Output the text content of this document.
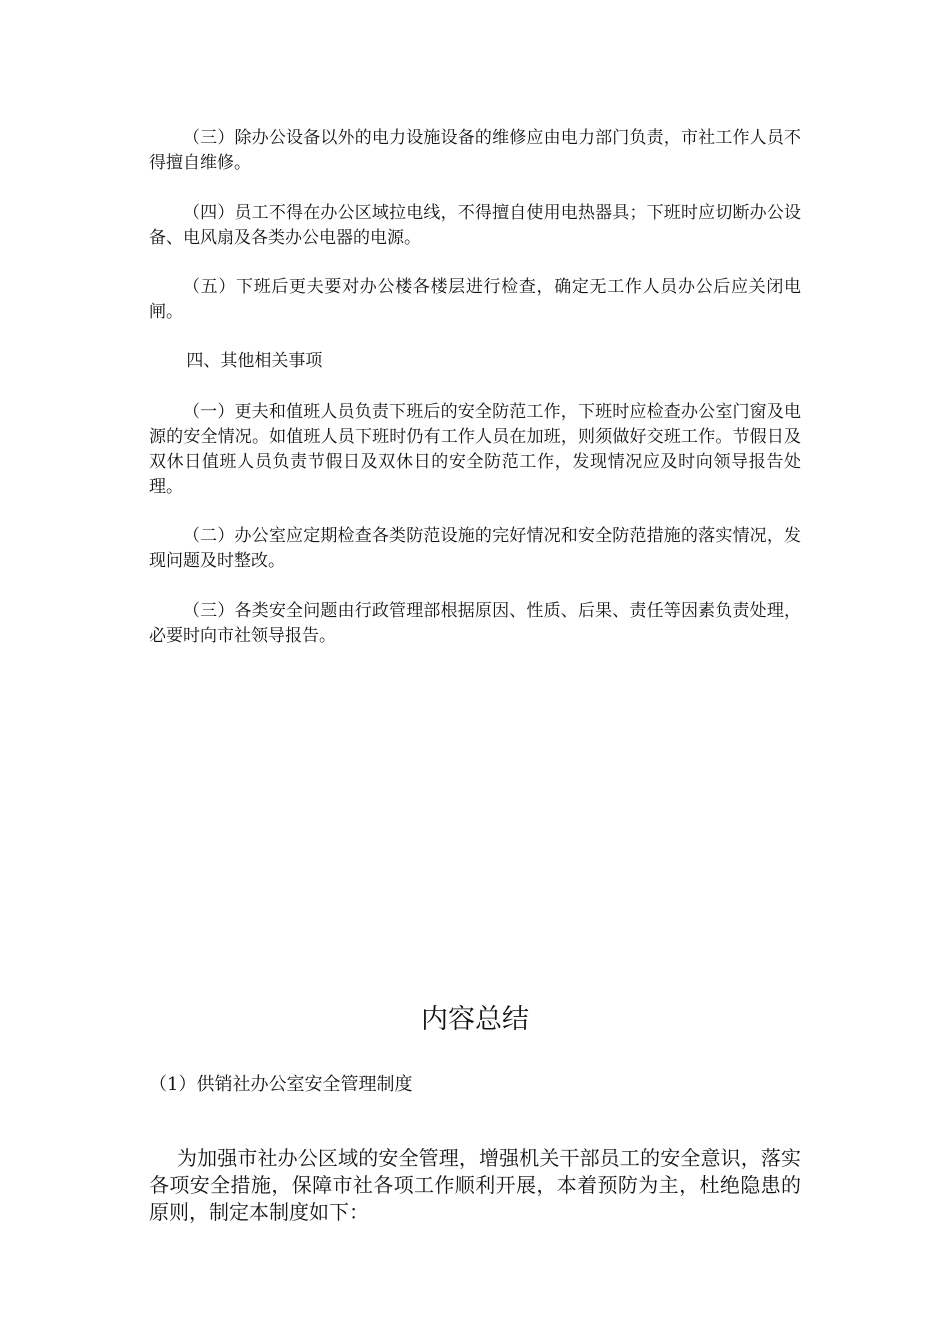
（三）除办公设备以外的电力设施设备的维修应由电力部门负责，市社工作人员不得擅自维修。

（四）员工不得在办公区域拉电线，不得擅自使用电热器具；下班时应切断办公设备、电风扇及各类办公电器的电源。

（五）下班后更夫要对办公楼各楼层进行检查，确定无工作人员办公后应关闭电闸。

四、其他相关事项

（一）更夫和值班人员负责下班后的安全防范工作，下班时应检查办公室门窗及电源的安全情况。如值班人员下班时仍有工作人员在加班，则须做好交班工作。节假日及双休日值班人员负责节假日及双休日的安全防范工作，发现情况应及时向领导报告处理。

（二）办公室应定期检查各类防范设施的完好情况和安全防范措施的落实情况，发现问题及时整改。

（三）各类安全问题由行政管理部根据原因、性质、后果、责任等因素负责处理，必要时向市社领导报告。

内容总结

（1）供销社办公室安全管理制度

为加强市社办公区域的安全管理，增强机关干部员工的安全意识，落实各项安全措施，保障市社各项工作顺利开展，本着预防为主，杜绝隐患的原则，制定本制度如下：
